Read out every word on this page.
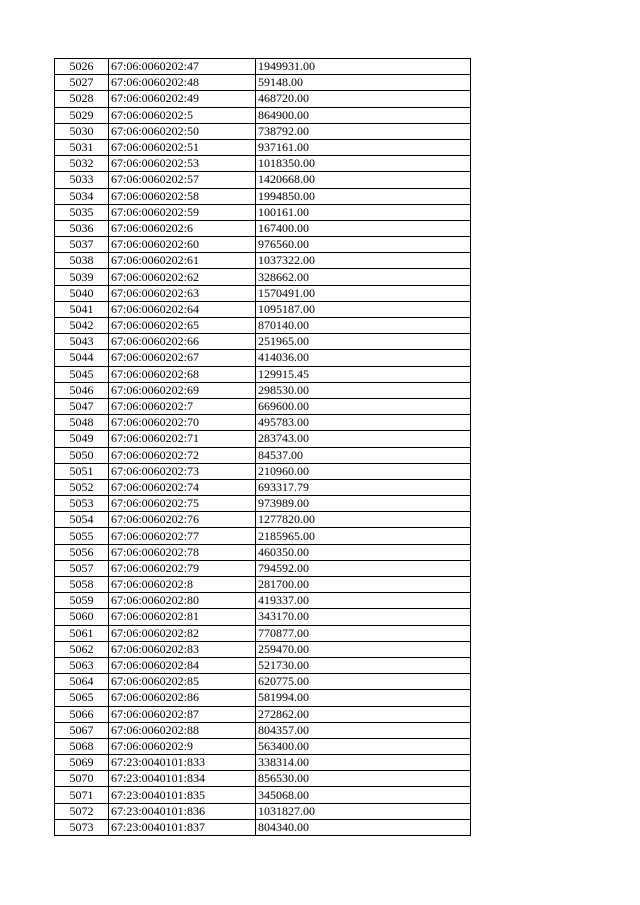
5026	67:06:0060202:47	1949931.00
5027	67:06:0060202:48	59148.00
5028	67:06:0060202:49	468720.00
5029	67:06:0060202:5	864900.00
5030	67:06:0060202:50	738792.00
5031	67:06:0060202:51	937161.00
5032	67:06:0060202:53	1018350.00
5033	67:06:0060202:57	1420668.00
5034	67:06:0060202:58	1994850.00
5035	67:06:0060202:59	100161.00
5036	67:06:0060202:6	167400.00
5037	67:06:0060202:60	976560.00
5038	67:06:0060202:61	1037322.00
5039	67:06:0060202:62	328662.00
5040	67:06:0060202:63	1570491.00
5041	67:06:0060202:64	1095187.00
5042	67:06:0060202:65	870140.00
5043	67:06:0060202:66	251965.00
5044	67:06:0060202:67	414036.00
5045	67:06:0060202:68	129915.45
5046	67:06:0060202:69	298530.00
5047	67:06:0060202:7	669600.00
5048	67:06:0060202:70	495783.00
5049	67:06:0060202:71	283743.00
5050	67:06:0060202:72	84537.00
5051	67:06:0060202:73	210960.00
5052	67:06:0060202:74	693317.79
5053	67:06:0060202:75	973989.00
5054	67:06:0060202:76	1277820.00
5055	67:06:0060202:77	2185965.00
5056	67:06:0060202:78	460350.00
5057	67:06:0060202:79	794592.00
5058	67:06:0060202:8	281700.00
5059	67:06:0060202:80	419337.00
5060	67:06:0060202:81	343170.00
5061	67:06:0060202:82	770877.00
5062	67:06:0060202:83	259470.00
5063	67:06:0060202:84	521730.00
5064	67:06:0060202:85	620775.00
5065	67:06:0060202:86	581994.00
5066	67:06:0060202:87	272862.00
5067	67:06:0060202:88	804357.00
5068	67:06:0060202:9	563400.00
5069	67:23:0040101:833	338314.00
5070	67:23:0040101:834	856530.00
5071	67:23:0040101:835	345068.00
5072	67:23:0040101:836	1031827.00
5073	67:23:0040101:837	804340.00
